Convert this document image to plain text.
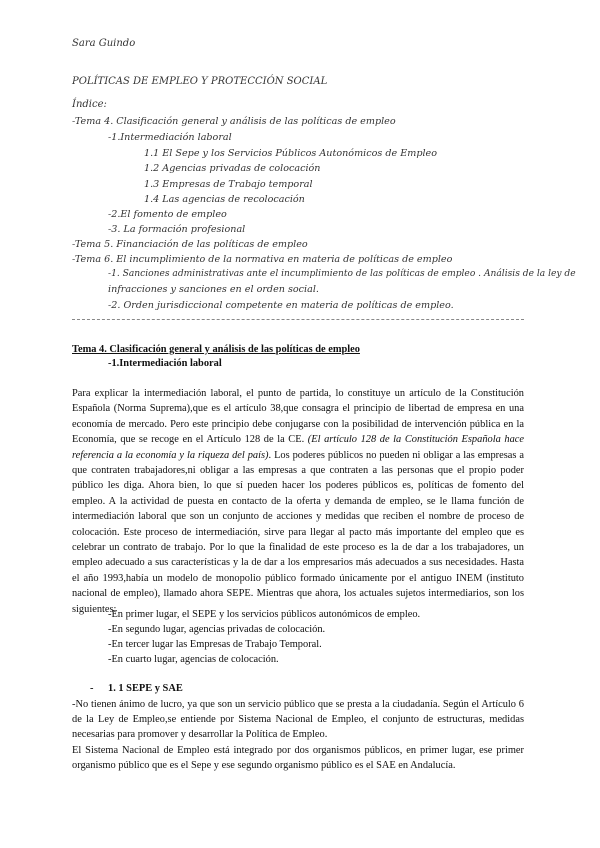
Sara Guindo
POLÍTICAS DE EMPLEO Y PROTECCIÓN SOCIAL
Índice:
-Tema 4. Clasificación general y análisis de las políticas de empleo
-1.Intermediación laboral
1.1 El Sepe y los Servicios Públicos Autonómicos de Empleo
1.2 Agencias privadas de colocación
1.3 Empresas de Trabajo temporal
1.4 Las agencias de recolocación
-2.El fomento de empleo
-3. La formación profesional
-Tema 5. Financiación de las políticas de empleo
-Tema 6. El incumplimiento de la normativa en materia de políticas de empleo
-1. Sanciones administrativas ante el incumplimiento de las políticas de empleo . Análisis de la ley de
infracciones y sanciones en el orden social.
-2. Orden jurisdiccional competente en materia de políticas de empleo.
Tema 4. Clasificación general y análisis de las políticas de empleo
-1.Intermediación laboral
Para explicar la intermediación laboral, el punto de partida, lo constituye un artículo de la Constitución Española (Norma Suprema),que es el artículo 38,que consagra el principio de libertad de empresa en una economía de mercado. Pero este principio debe conjugarse con la posibilidad de intervención pública en la Economía, que se recoge en el Artículo 128 de la CE. (El artículo 128 de la Constitución Española hace referencia a la economía y la riqueza del país). Los poderes públicos no pueden ni obligar a las empresas a que contraten trabajadores,ni obligar a las empresas a que contraten a las personas que el propio poder público les diga. Ahora bien, lo que sí pueden hacer los poderes públicos es, políticas de fomento del empleo. A la actividad de puesta en contacto de la oferta y demanda de empleo, se le llama función de intermediación laboral que son un conjunto de acciones y medidas que reciben el nombre de proceso de colocación. Este proceso de intermediación, sirve para llegar al pacto más importante del empleo que es celebrar un contrato de trabajo. Por lo que la finalidad de este proceso es la de dar a los trabajadores, un empleo adecuado a sus características y la de dar a los empresarios más adecuados a sus necesidades. Hasta el año 1993,había un modelo de monopolio público formado únicamente por el antiguo INEM (instituto nacional de empleo), llamado ahora SEPE. Mientras que ahora, los actuales sujetos intermediarios, son los siguientes:
-En primer lugar, el SEPE y los servicios públicos autonómicos de empleo.
-En segundo lugar, agencias privadas de colocación.
-En tercer lugar las Empresas de Trabajo Temporal.
-En cuarto lugar, agencias de colocación.
- 1. 1 SEPE y SAE
-No tienen ánimo de lucro, ya que son un servicio público que se presta a la ciudadanía. Según el Artículo 6 de la Ley de Empleo,se entiende por Sistema Nacional de Empleo, el conjunto de estructuras, medidas necesarias para promover y desarrollar la Política de Empleo.
El Sistema Nacional de Empleo está integrado por dos organismos públicos, en primer lugar, ese primer organismo público que es el Sepe y ese segundo organismo público es el SAE en Andalucía.
